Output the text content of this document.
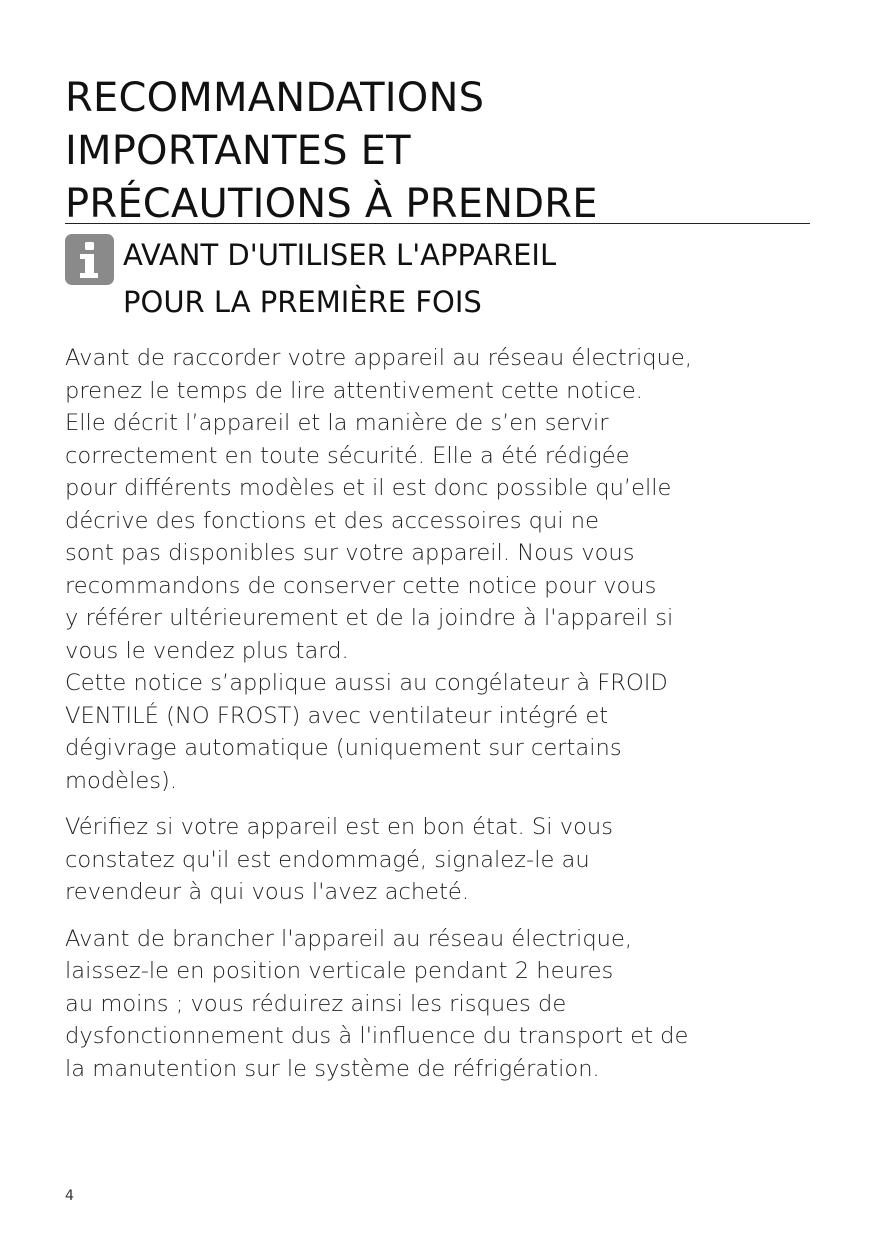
RECOMMANDATIONS
IMPORTANTES ET
PRÉCAUTIONS À PRENDRE
AVANT D'UTILISER L'APPAREIL
POUR LA PREMIÈRE FOIS

Avant de raccorder votre appareil au réseau électrique,
prenez le temps de lire attentivement cette notice.
Elle décrit l’appareil et la manière de s’en servir
correctement en toute sécurité. Elle a été rédigée
pour différents modèles et il est donc possible qu’elle
décrive des fonctions et des accessoires qui ne
sont pas disponibles sur votre appareil. Nous vous
recommandons de conserver cette notice pour vous
y référer ultérieurement et de la joindre à l'appareil si
vous le vendez plus tard.
Cette notice s’applique aussi au congélateur à FROID
VENTILÉ (NO FROST) avec ventilateur intégré et
dégivrage automatique (uniquement sur certains
modèles).

Vérifiez si votre appareil est en bon état. Si vous
constatez qu'il est endommagé, signalez-le au
revendeur à qui vous l'avez acheté.

Avant de brancher l'appareil au réseau électrique,
laissez-le en position verticale pendant 2 heures
au moins ; vous réduirez ainsi les risques de
dysfonctionnement dus à l'influence du transport et de
la manutention sur le système de réfrigération.

4
